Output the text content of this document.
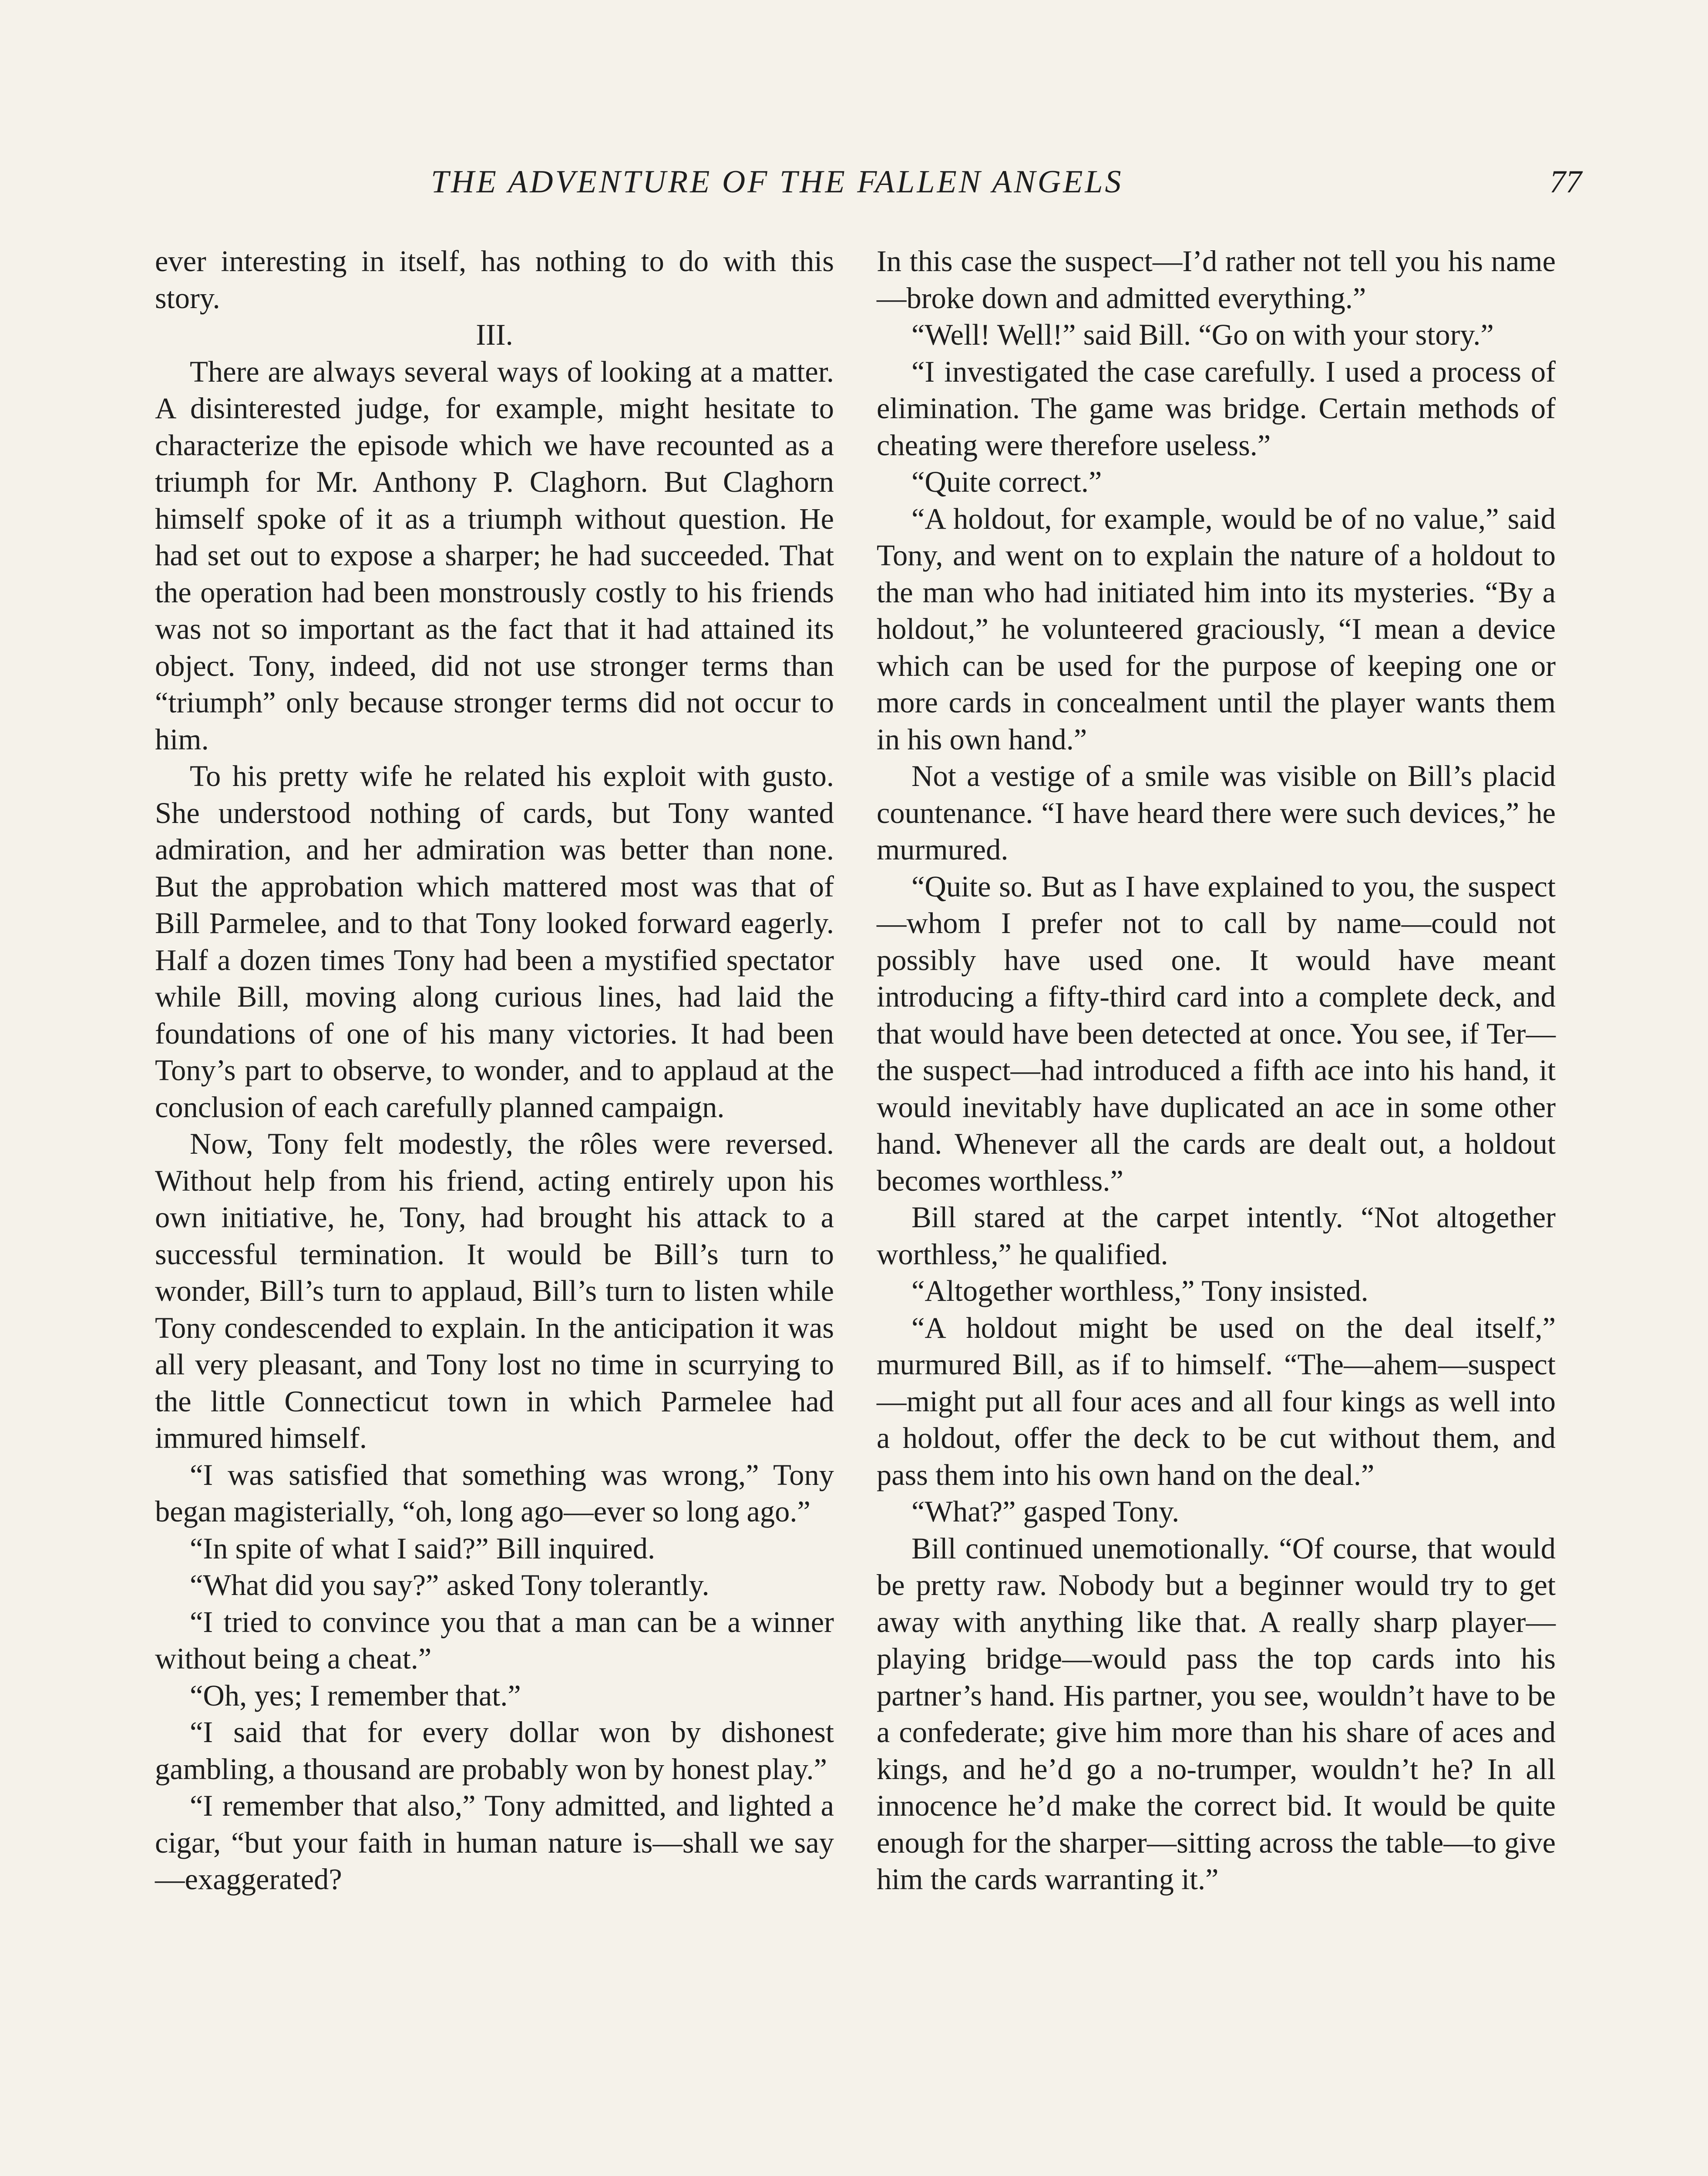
THE ADVENTURE OF THE FALLEN ANGELS	77

ever interesting in itself, has nothing to do with this story.

III.

There are always several ways of looking at a matter. A disinterested judge, for example, might hesitate to characterize the episode which we have recounted as a triumph for Mr. Anthony P. Claghorn. But Claghorn himself spoke of it as a triumph without question. He had set out to expose a sharper; he had succeeded. That the operation had been monstrously costly to his friends was not so important as the fact that it had attained its object. Tony, indeed, did not use stronger terms than “triumph” only because stronger terms did not occur to him.

To his pretty wife he related his exploit with gusto. She understood nothing of cards, but Tony wanted admiration, and her admiration was better than none. But the approbation which mattered most was that of Bill Parmelee, and to that Tony looked forward eagerly. Half a dozen times Tony had been a mystified spectator while Bill, moving along curious lines, had laid the foundations of one of his many victories. It had been Tony’s part to observe, to wonder, and to applaud at the conclusion of each carefully planned campaign.

Now, Tony felt modestly, the rôles were reversed. Without help from his friend, acting entirely upon his own initiative, he, Tony, had brought his attack to a successful termination. It would be Bill’s turn to wonder, Bill’s turn to applaud, Bill’s turn to listen while Tony condescended to explain. In the anticipation it was all very pleasant, and Tony lost no time in scurrying to the little Connecticut town in which Parmelee had immured himself.

“I was satisfied that something was wrong,” Tony began magisterially, “oh, long ago—ever so long ago.”

“In spite of what I said?” Bill inquired.

“What did you say?” asked Tony tolerantly.

“I tried to convince you that a man can be a winner without being a cheat.”

“Oh, yes; I remember that.”

“I said that for every dollar won by dishonest gambling, a thousand are probably won by honest play.”

“I remember that also,” Tony admitted, and lighted a cigar, “but your faith in human nature is—shall we say—exaggerated?

In this case the suspect—I’d rather not tell you his name—broke down and admitted everything.”

“Well! Well!” said Bill. “Go on with your story.”

“I investigated the case carefully. I used a process of elimination. The game was bridge. Certain methods of cheating were therefore useless.”

“Quite correct.”

“A holdout, for example, would be of no value,” said Tony, and went on to explain the nature of a holdout to the man who had initiated him into its mysteries. “By a holdout,” he volunteered graciously, “I mean a device which can be used for the purpose of keeping one or more cards in concealment until the player wants them in his own hand.”

Not a vestige of a smile was visible on Bill’s placid countenance. “I have heard there were such devices,” he murmured.

“Quite so. But as I have explained to you, the suspect—whom I prefer not to call by name—could not possibly have used one. It would have meant introducing a fifty-third card into a complete deck, and that would have been detected at once. You see, if Ter—the suspect—had introduced a fifth ace into his hand, it would inevitably have duplicated an ace in some other hand. Whenever all the cards are dealt out, a holdout becomes worthless.”

Bill stared at the carpet intently. “Not altogether worthless,” he qualified.

“Altogether worthless,” Tony insisted.

“A holdout might be used on the deal itself,” murmured Bill, as if to himself. “The—ahem—suspect—might put all four aces and all four kings as well into a holdout, offer the deck to be cut without them, and pass them into his own hand on the deal.”

“What?” gasped Tony.

Bill continued unemotionally. “Of course, that would be pretty raw. Nobody but a beginner would try to get away with anything like that. A really sharp player—playing bridge—would pass the top cards into his partner’s hand. His partner, you see, wouldn’t have to be a confederate; give him more than his share of aces and kings, and he’d go a no-trumper, wouldn’t he? In all innocence he’d make the correct bid. It would be quite enough for the sharper—sitting across the table—to give him the cards warranting it.”
